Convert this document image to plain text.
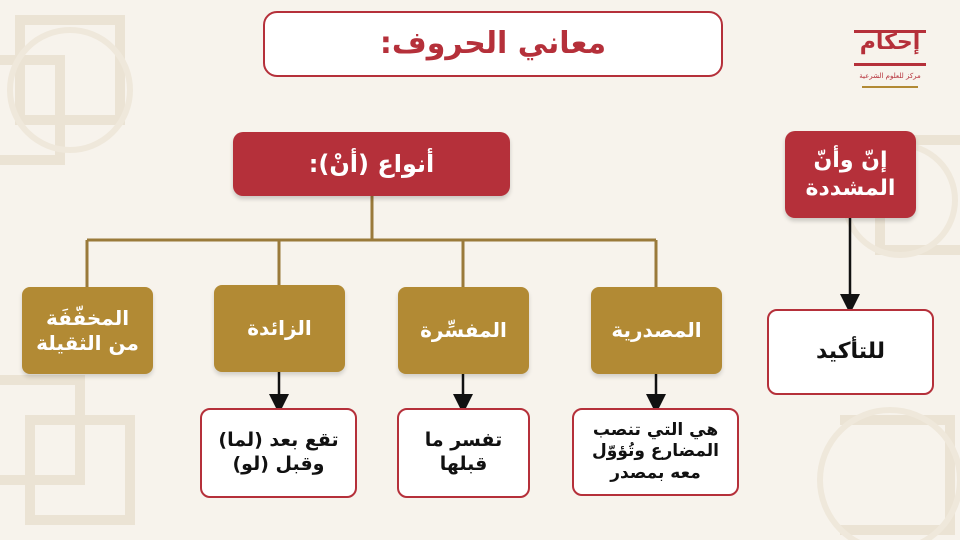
إحكام
مركز للعلوم الشرعية
معاني الحروف:
إنّ وأنّ
المشددة
للتأكيد
أنواع (أنْ):
المصدرية
المفسِّرة
الزائدة
المخفّفَة
من الثقيلة
هي التي تنصب
المضارع وتُؤوّل
معه بمصدر
تفسر ما
قبلها
تقع بعد (لما)
وقبل (لو)
